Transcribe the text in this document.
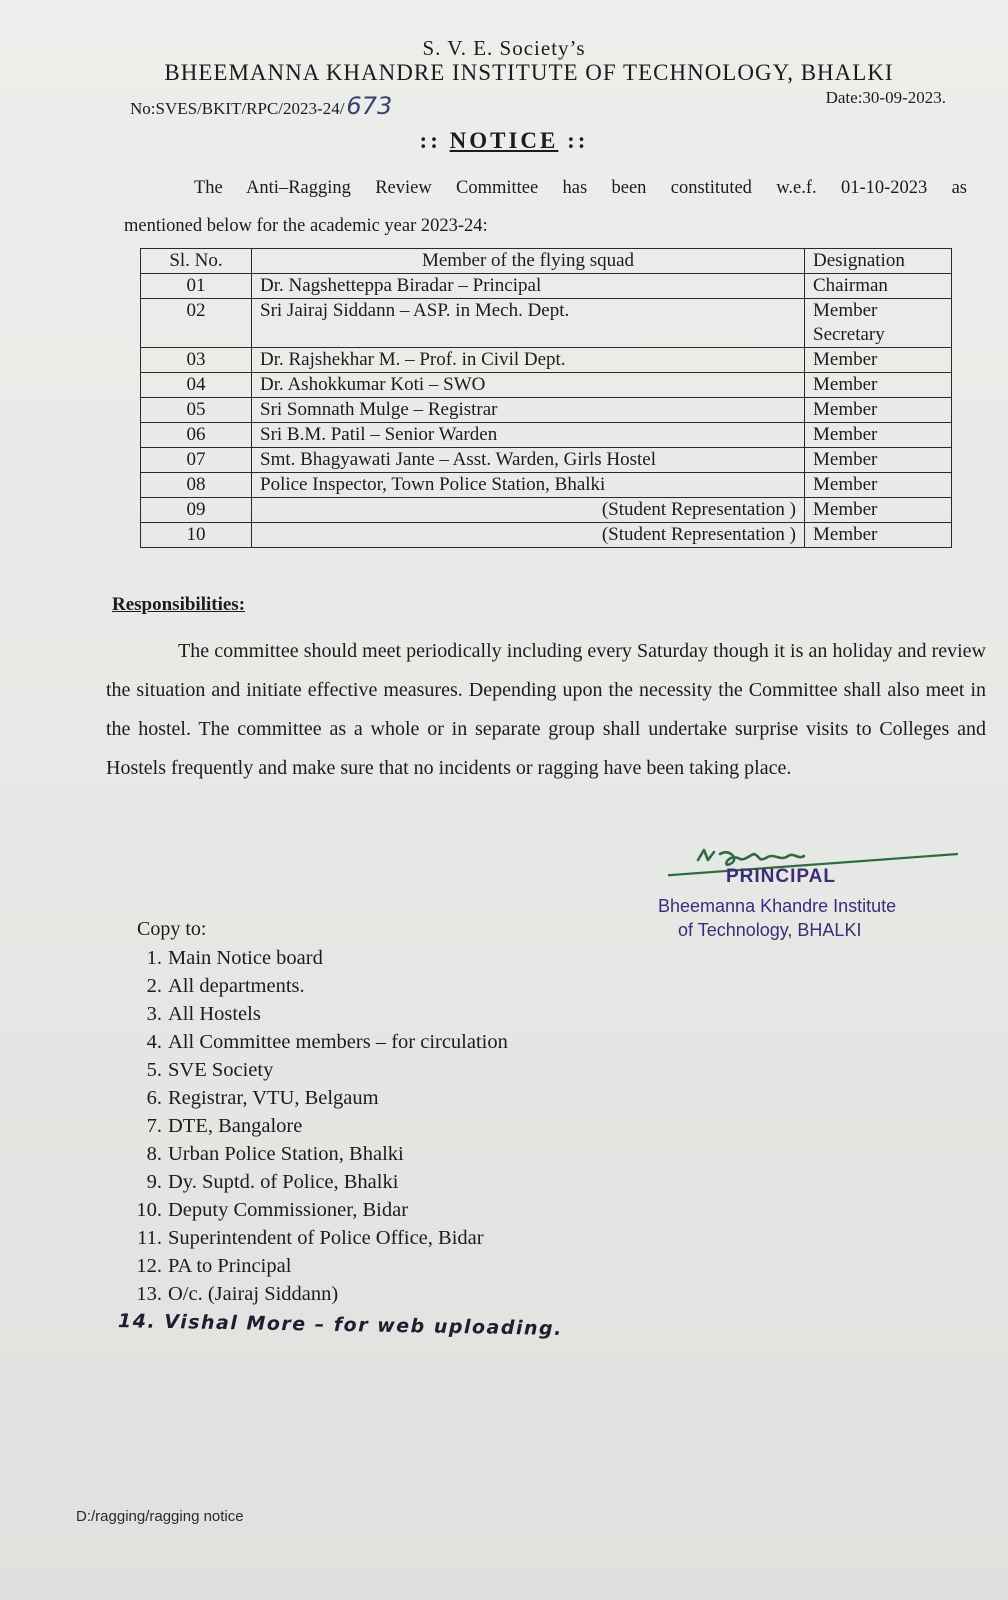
S. V. E. Society’s
BHEEMANNA KHANDRE INSTITUTE OF TECHNOLOGY, BHALKI
No:SVES/BKIT/RPC/2023-24/673	Date:30-09-2023.
:: NOTICE ::
The Anti–Ragging Review Committee has been constituted w.e.f. 01-10-2023 as
mentioned below for the academic year 2023-24:
Sl. No.	Member of the flying squad	Designation
01	Dr. Nagshetteppa Biradar – Principal	Chairman
02	Sri Jairaj Siddann – ASP. in Mech. Dept.	Member Secretary
03	Dr. Rajshekhar M. – Prof. in Civil Dept.	Member
04	Dr. Ashokkumar Koti – SWO	Member
05	Sri Somnath Mulge – Registrar	Member
06	Sri B.M. Patil – Senior Warden	Member
07	Smt. Bhagyawati Jante – Asst. Warden, Girls Hostel	Member
08	Police Inspector, Town Police Station, Bhalki	Member
09	(Student Representation )	Member
10	(Student Representation )	Member
Responsibilities:
The committee should meet periodically including every Saturday though it is an holiday and review the situation and initiate effective measures. Depending upon the necessity the Committee shall also meet in the hostel. The committee as a whole or in separate group shall undertake surprise visits to Colleges and Hostels frequently and make sure that no incidents or ragging have been taking place.
PRINCIPAL
Bheemanna Khandre Institute
of Technology, BHALKI
Copy to:
1. Main Notice board
2. All departments.
3. All Hostels
4. All Committee members – for circulation
5. SVE Society
6. Registrar, VTU, Belgaum
7. DTE, Bangalore
8. Urban Police Station, Bhalki
9. Dy. Suptd. of Police, Bhalki
10. Deputy Commissioner, Bidar
11. Superintendent of Police Office, Bidar
12. PA to Principal
13. O/c. (Jairaj Siddann)
14. Vishal More – for web uploading.
D:/ragging/ragging notice
